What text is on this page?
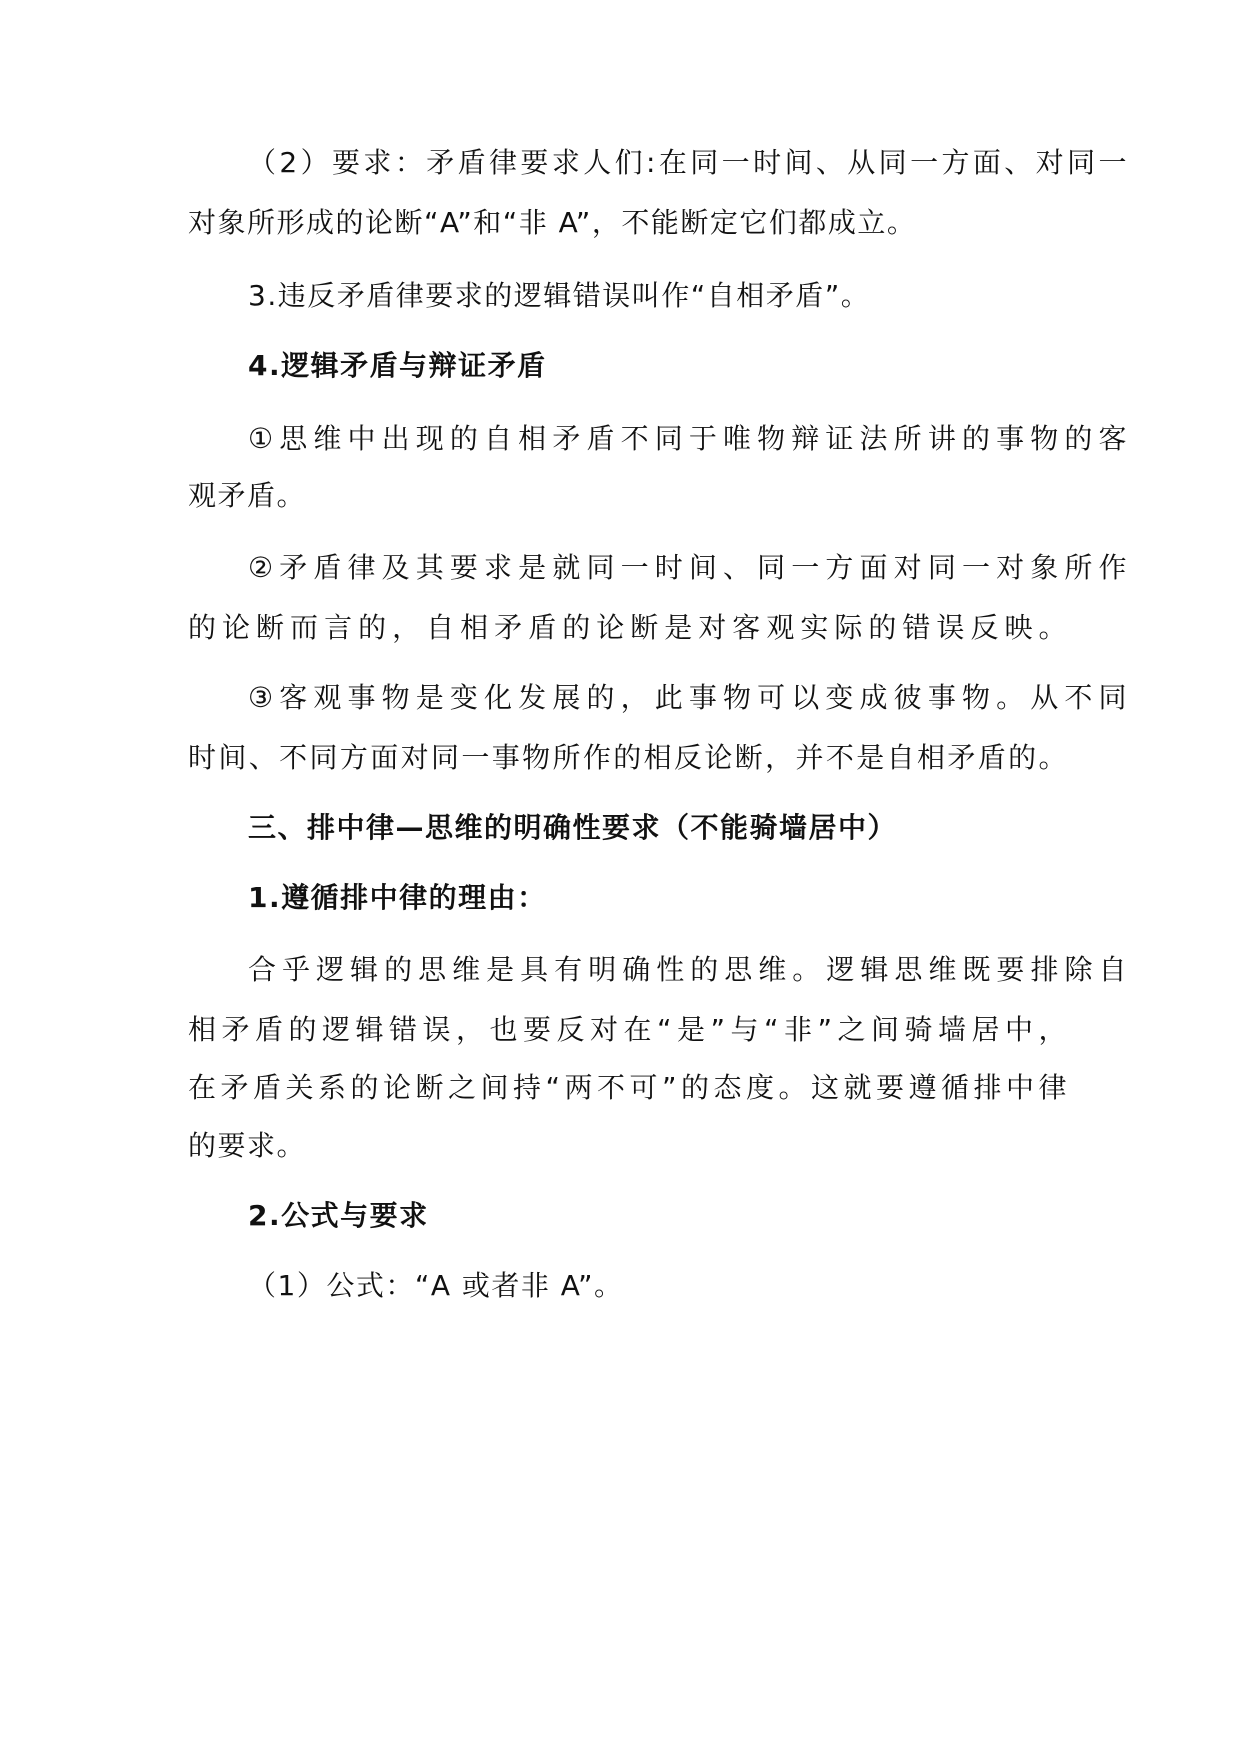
（2）要求：矛盾律要求人们:在同一时间、从同一方面、对同一

对象所形成的论断“A”和“非 A”，不能断定它们都成立。

3.违反矛盾律要求的逻辑错误叫作“自相矛盾”。

4.逻辑矛盾与辩证矛盾

①思维中出现的自相矛盾不同于唯物辩证法所讲的事物的客

观矛盾。

②矛盾律及其要求是就同一时间、同一方面对同一对象所作

的论断而言的，自相矛盾的论断是对客观实际的错误反映。

③客观事物是变化发展的，此事物可以变成彼事物。从不同

时间、不同方面对同一事物所作的相反论断，并不是自相矛盾的。

三、排中律—思维的明确性要求（不能骑墙居中）

1.遵循排中律的理由：

合乎逻辑的思维是具有明确性的思维。逻辑思维既要排除自

相矛盾的逻辑错误，也要反对在“是”与“非”之间骑墙居中，

在矛盾关系的论断之间持“两不可”的态度。这就要遵循排中律

的要求。

2.公式与要求

（1）公式：“A 或者非 A”。
